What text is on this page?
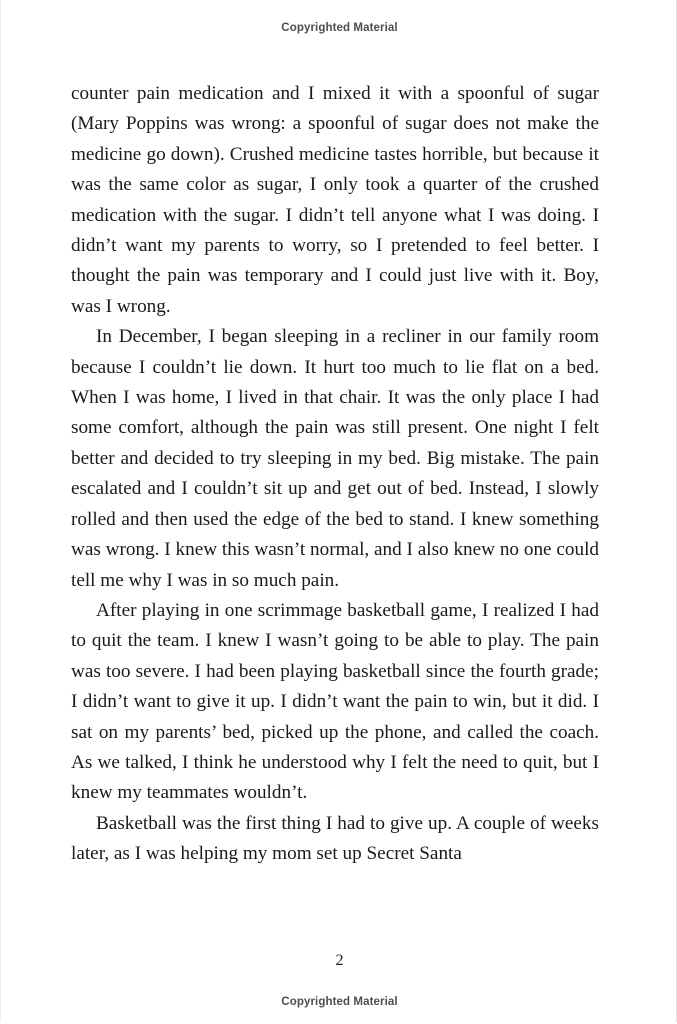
Copyrighted Material

counter pain medication and I mixed it with a spoonful of sugar (Mary Poppins was wrong: a spoonful of sugar does not make the medicine go down). Crushed medicine tastes horrible, but because it was the same color as sugar, I only took a quarter of the crushed medication with the sugar. I didn’t tell anyone what I was doing. I didn’t want my parents to worry, so I pretended to feel better. I thought the pain was temporary and I could just live with it. Boy, was I wrong.

In December, I began sleeping in a recliner in our family room because I couldn’t lie down. It hurt too much to lie flat on a bed. When I was home, I lived in that chair. It was the only place I had some comfort, although the pain was still present. One night I felt better and decided to try sleeping in my bed. Big mistake. The pain escalated and I couldn’t sit up and get out of bed. Instead, I slowly rolled and then used the edge of the bed to stand. I knew something was wrong. I knew this wasn’t normal, and I also knew no one could tell me why I was in so much pain.

After playing in one scrimmage basketball game, I realized I had to quit the team. I knew I wasn’t going to be able to play. The pain was too severe. I had been playing basketball since the fourth grade; I didn’t want to give it up. I didn’t want the pain to win, but it did. I sat on my parents’ bed, picked up the phone, and called the coach. As we talked, I think he understood why I felt the need to quit, but I knew my teammates wouldn’t.

Basketball was the first thing I had to give up. A couple of weeks later, as I was helping my mom set up Secret Santa

2
Copyrighted Material
